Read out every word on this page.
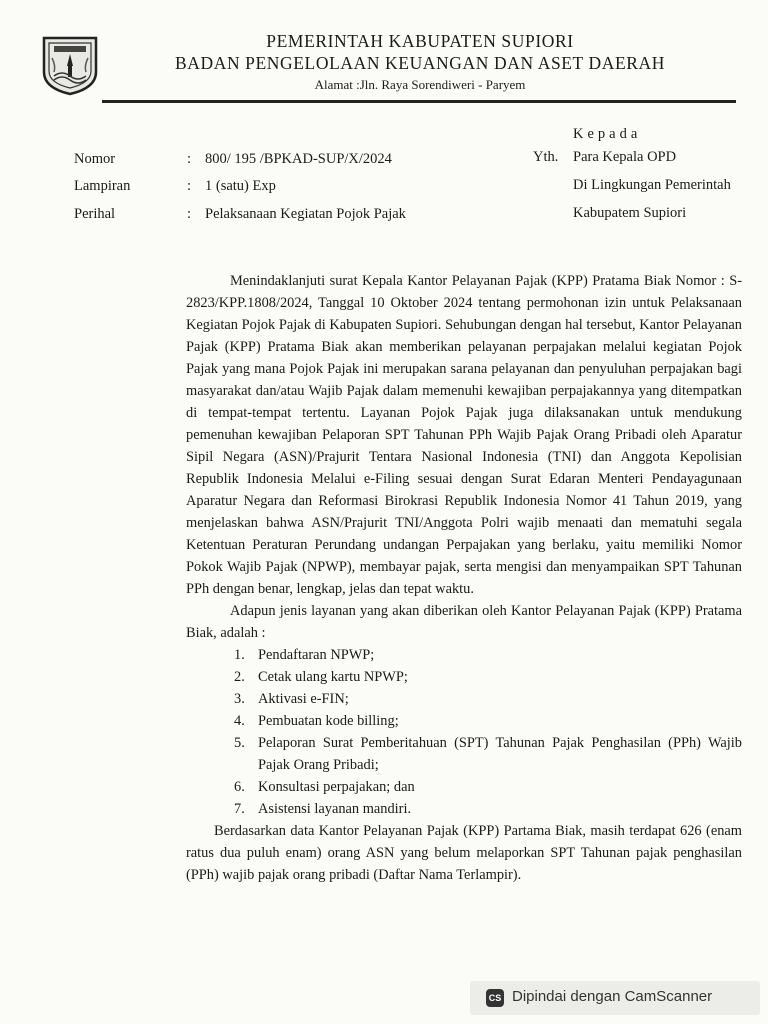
PEMERINTAH KABUPATEN SUPIORI
BADAN PENGELOLAAN KEUANGAN DAN ASET DAERAH
Alamat :Jln. Raya Sorendiweri - Paryem
Kepada
Yth. Para Kepala OPD
Di Lingkungan Pemerintah
Kabupatem Supiori
Nomor	: 800/ 195 /BPKAD-SUP/X/2024
Lampiran	: 1 (satu) Exp
Perihal	: Pelaksanaan Kegiatan Pojok Pajak

Menindaklanjuti surat Kepala Kantor Pelayanan Pajak (KPP) Pratama Biak Nomor : S-2823/KPP.1808/2024, Tanggal 10 Oktober 2024 tentang permohonan izin untuk Pelaksanaan Kegiatan Pojok Pajak di Kabupaten Supiori. Sehubungan dengan hal tersebut, Kantor Pelayanan Pajak (KPP) Pratama Biak akan memberikan pelayanan perpajakan melalui kegiatan Pojok Pajak yang mana Pojok Pajak ini merupakan sarana pelayanan dan penyuluhan perpajakan bagi masyarakat dan/atau Wajib Pajak dalam memenuhi kewajiban perpajakannya yang ditempatkan di tempat-tempat tertentu. Layanan Pojok Pajak juga dilaksanakan untuk mendukung pemenuhan kewajiban Pelaporan SPT Tahunan PPh Wajib Pajak Orang Pribadi oleh Aparatur Sipil Negara (ASN)/Prajurit Tentara Nasional Indonesia (TNI) dan Anggota Kepolisian Republik Indonesia Melalui e-Filing sesuai dengan Surat Edaran Menteri Pendayagunaan Aparatur Negara dan Reformasi Birokrasi Republik Indonesia Nomor 41 Tahun 2019, yang menjelaskan bahwa ASN/Prajurit TNI/Anggota Polri wajib menaati dan mematuhi segala Ketentuan Peraturan Perundang undangan Perpajakan yang berlaku, yaitu memiliki Nomor Pokok Wajib Pajak (NPWP), membayar pajak, serta mengisi dan menyampaikan SPT Tahunan PPh dengan benar, lengkap, jelas dan tepat waktu.

Adapun jenis layanan yang akan diberikan oleh Kantor Pelayanan Pajak (KPP) Pratama Biak, adalah :

1. Pendaftaran NPWP;
2. Cetak ulang kartu NPWP;
3. Aktivasi e-FIN;
4. Pembuatan kode billing;
5. Pelaporan Surat Pemberitahuan (SPT) Tahunan Pajak Penghasilan (PPh) Wajib Pajak Orang Pribadi;
6. Konsultasi perpajakan; dan
7. Asistensi layanan mandiri.

Berdasarkan data Kantor Pelayanan Pajak (KPP) Partama Biak, masih terdapat 626 (enam ratus dua puluh enam) orang ASN yang belum melaporkan SPT Tahunan pajak penghasilan (PPh) wajib pajak orang pribadi (Daftar Nama Terlampir).

CS Dipindai dengan CamScanner
